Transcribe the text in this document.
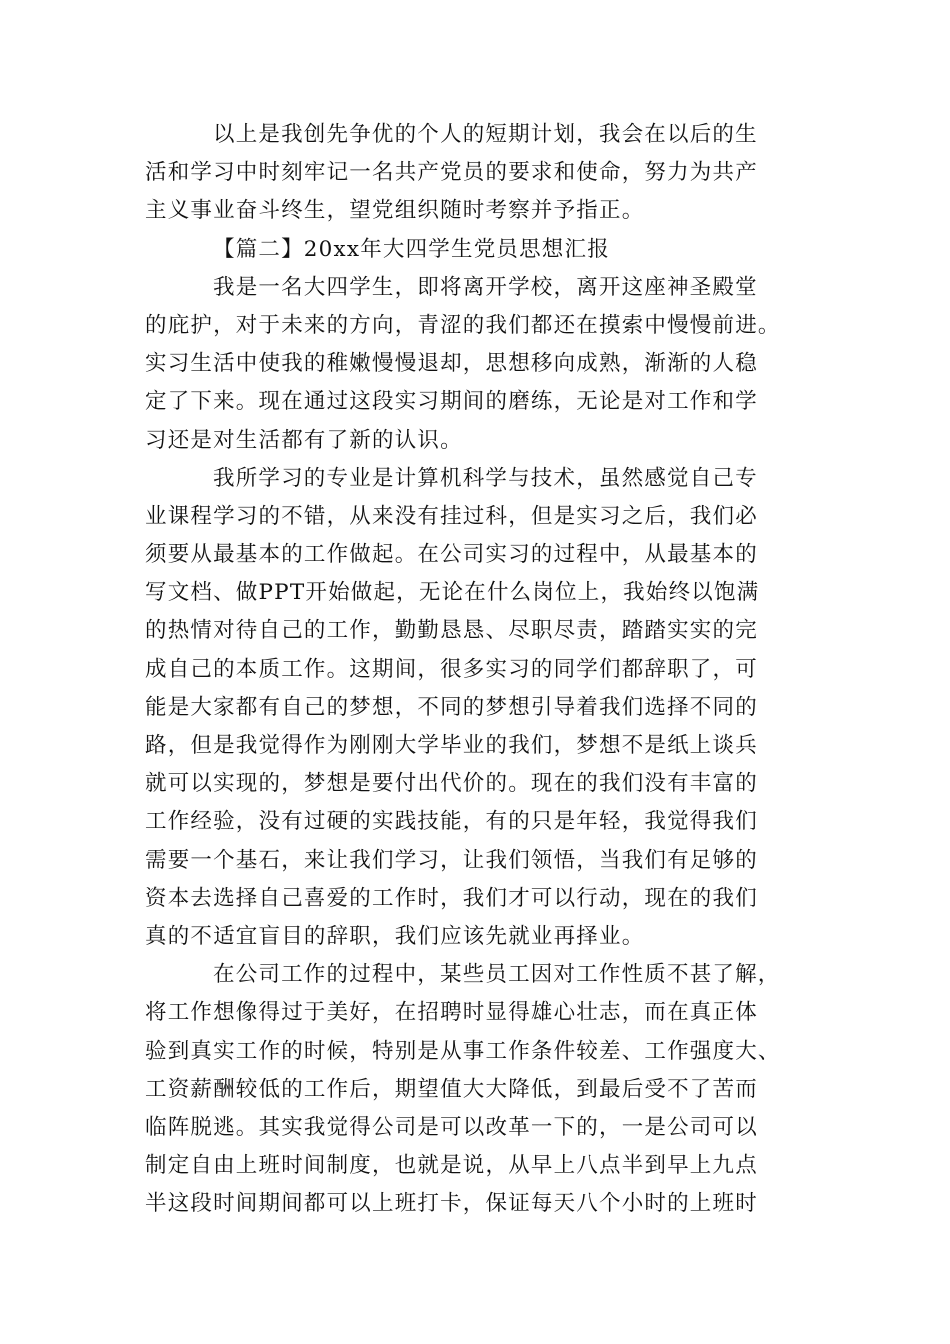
以上是我创先争优的个人的短期计划，我会在以后的生
活和学习中时刻牢记一名共产党员的要求和使命，努力为共产
主义事业奋斗终生，望党组织随时考察并予指正。
【篇二】20xx年大四学生党员思想汇报
我是一名大四学生，即将离开学校，离开这座神圣殿堂
的庇护，对于未来的方向，青涩的我们都还在摸索中慢慢前进。
实习生活中使我的稚嫩慢慢退却，思想移向成熟，渐渐的人稳
定了下来。现在通过这段实习期间的磨练，无论是对工作和学
习还是对生活都有了新的认识。
我所学习的专业是计算机科学与技术，虽然感觉自己专
业课程学习的不错，从来没有挂过科，但是实习之后，我们必
须要从最基本的工作做起。在公司实习的过程中，从最基本的
写文档、做PPT开始做起，无论在什么岗位上，我始终以饱满
的热情对待自己的工作，勤勤恳恳、尽职尽责，踏踏实实的完
成自己的本质工作。这期间，很多实习的同学们都辞职了，可
能是大家都有自己的梦想，不同的梦想引导着我们选择不同的
路，但是我觉得作为刚刚大学毕业的我们，梦想不是纸上谈兵
就可以实现的，梦想是要付出代价的。现在的我们没有丰富的
工作经验，没有过硬的实践技能，有的只是年轻，我觉得我们
需要一个基石，来让我们学习，让我们领悟，当我们有足够的
资本去选择自己喜爱的工作时，我们才可以行动，现在的我们
真的不适宜盲目的辞职，我们应该先就业再择业。
在公司工作的过程中，某些员工因对工作性质不甚了解，
将工作想像得过于美好，在招聘时显得雄心壮志，而在真正体
验到真实工作的时候，特别是从事工作条件较差、工作强度大、
工资薪酬较低的工作后，期望值大大降低，到最后受不了苦而
临阵脱逃。其实我觉得公司是可以改革一下的，一是公司可以
制定自由上班时间制度，也就是说，从早上八点半到早上九点
半这段时间期间都可以上班打卡，保证每天八个小时的上班时
